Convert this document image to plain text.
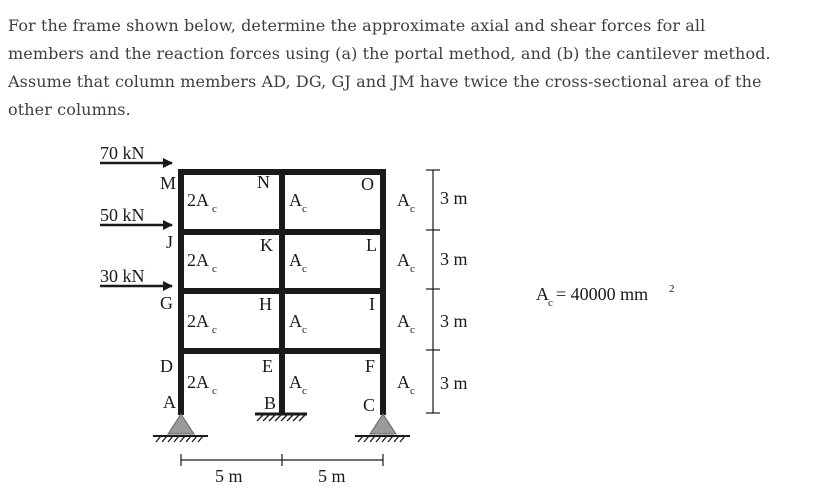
For the frame shown below, determine the approximate axial and shear forces for all
members and the reaction forces using (a) the portal method, and (b) the cantilever method.
Assume that column members AD, DG, GJ and JM have twice the cross-sectional area of the
other columns.
70 kN
50 kN
30 kN
M	N	O
J	K	L
G	H	I
D	E	F
A	B	C
2A c
2A c
2A c
2A c
A c
A c
A c
A c
A c
A c
A c
A c
3 m
3 m
3 m
3 m
5 m	5 m
A c = 40000 mm 2
